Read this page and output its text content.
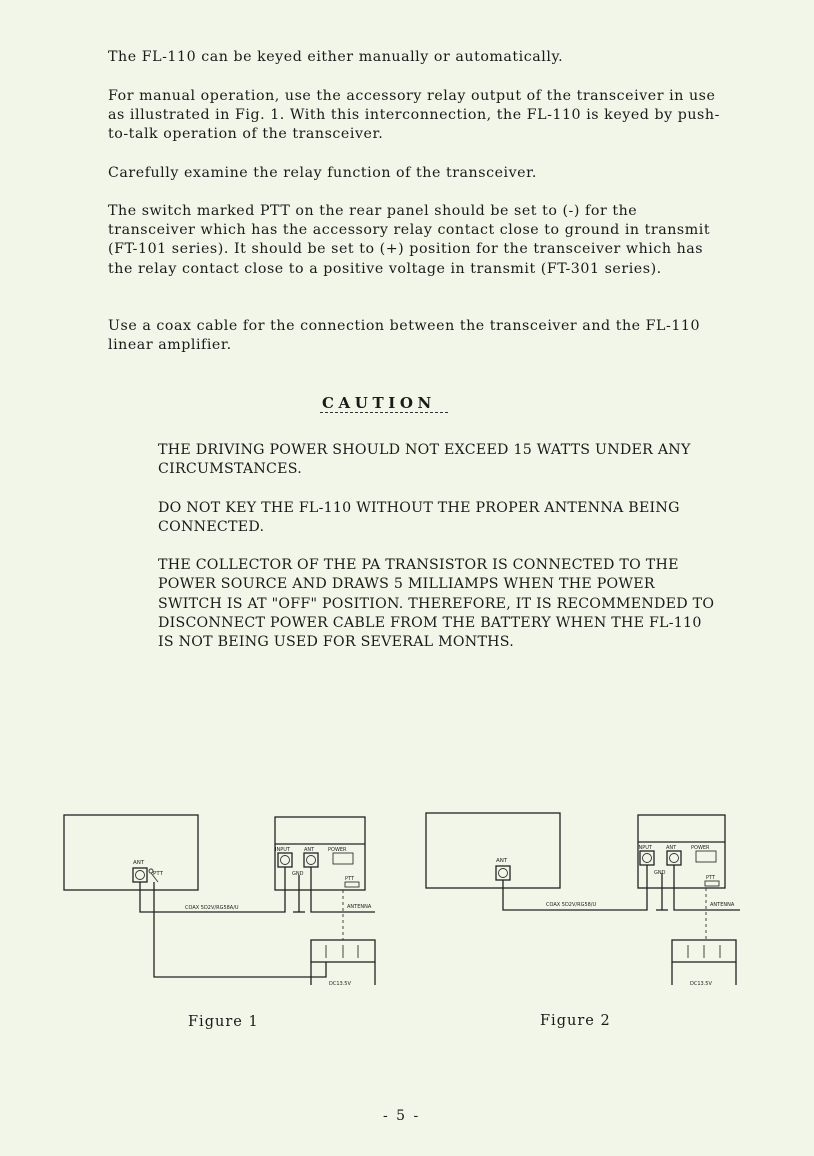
The FL-110 can be keyed either manually or automatically.

For manual operation, use the accessory relay output of the transceiver in use as illustrated in Fig. 1. With this interconnection, the FL-110 is keyed by push-to-talk operation of the transceiver.

Carefully examine the relay function of the transceiver.

The switch marked PTT on the rear panel should be set to (-) for the transceiver which has the accessory relay contact close to ground in transmit (FT-101 series). It should be set to (+) position for the transceiver which has the relay contact close to a positive voltage in transmit (FT-301 series).

Use a coax cable for the connection between the transceiver and the FL-110 linear amplifier.

CAUTION

THE DRIVING POWER SHOULD NOT EXCEED 15 WATTS UNDER ANY CIRCUMSTANCES.

DO NOT KEY THE FL-110 WITHOUT THE PROPER ANTENNA BEING CONNECTED.

THE COLLECTOR OF THE PA TRANSISTOR IS CONNECTED TO THE POWER SOURCE AND DRAWS 5 MILLIAMPS WHEN THE POWER SWITCH IS AT "OFF" POSITION. THEREFORE, IT IS RECOMMENDED TO DISCONNECT POWER CABLE FROM THE BATTERY WHEN THE FL-110 IS NOT BEING USED FOR SEVERAL MONTHS.

ANT
PTT
INPUT	ANT	POWER
GND
PTT
COAX 5D2V/RG58A/U	ANTENNA
DC13.5V

Figure 1

ANT
INPUT	ANT	POWER
GND
PTT
COAX 5D2V/RG58/U	ANTENNA
DC13.5V

Figure 2

- 5 -
